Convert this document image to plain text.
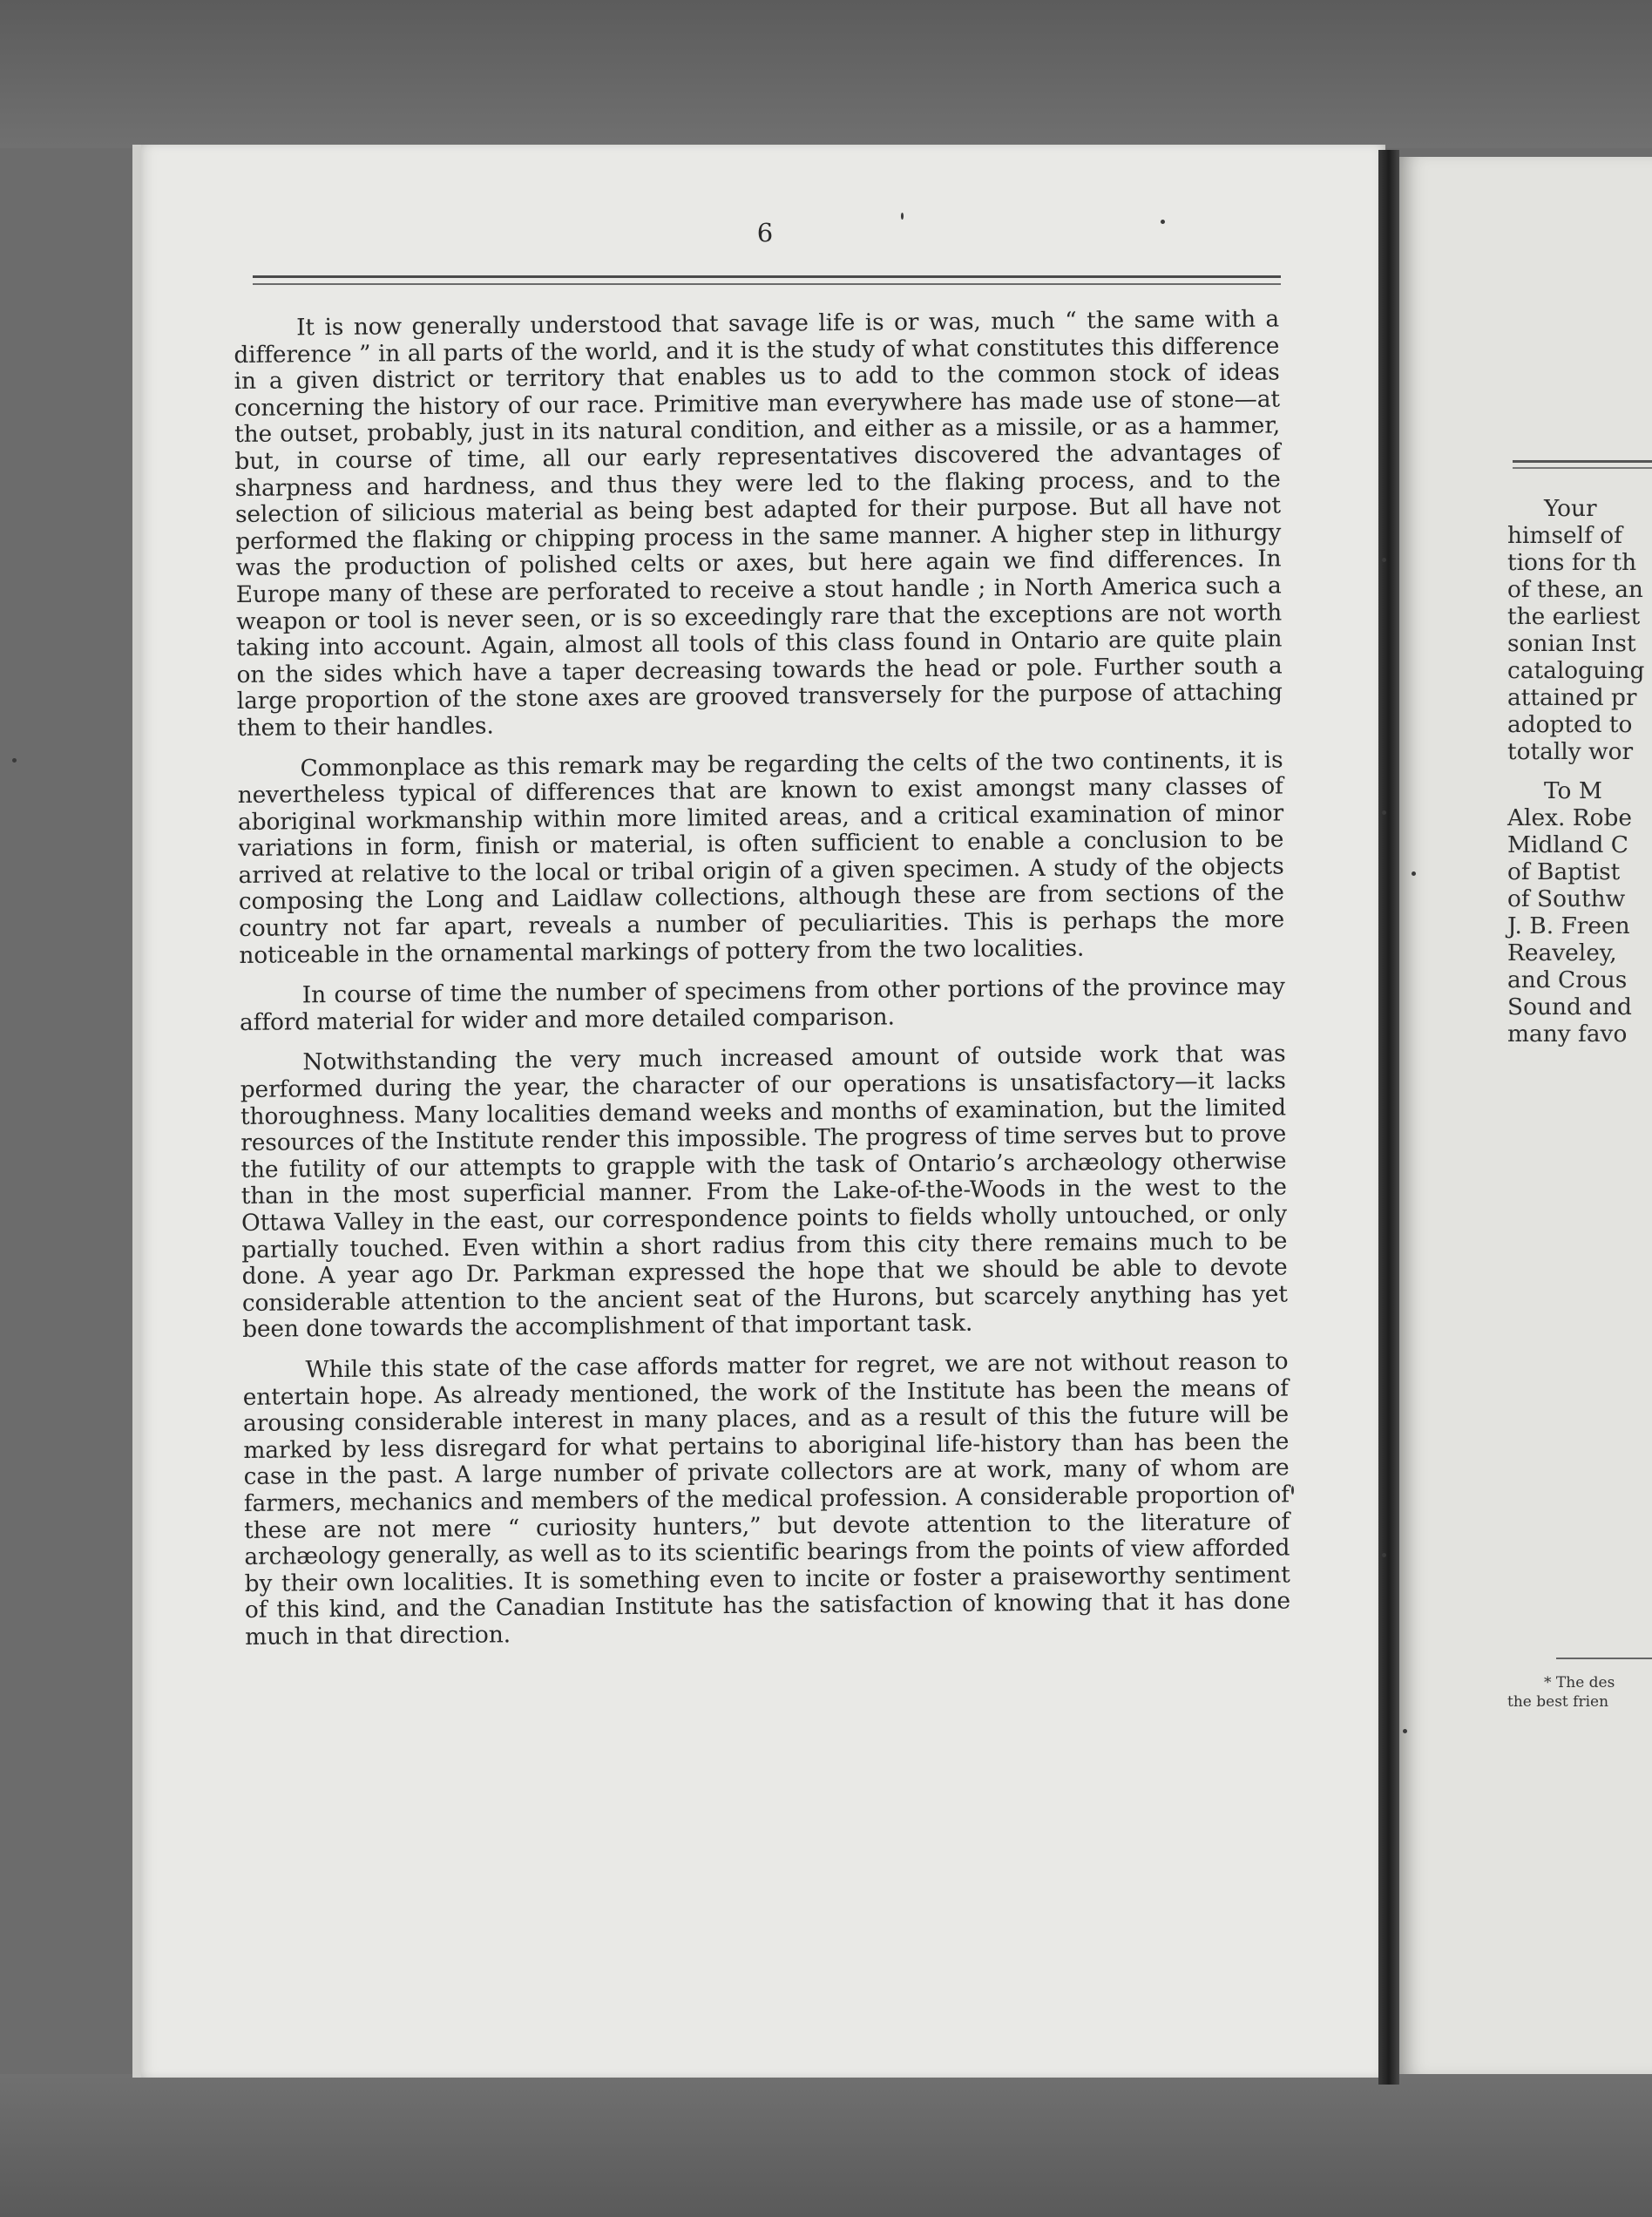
6

It is now generally understood that savage life is or was, much “ the same with a difference ” in all parts of the world, and it is the study of what constitutes this difference in a given district or territory that enables us to add to the common stock of ideas concerning the history of our race. Primitive man everywhere has made use of stone—at the outset, probably, just in its natural condition, and either as a missile, or as a hammer, but, in course of time, all our early representatives discovered the advantages of sharpness and hardness, and thus they were led to the flaking process, and to the selection of silicious material as being best adapted for their purpose. But all have not performed the flaking or chipping process in the same manner. A higher step in lithurgy was the production of polished celts or axes, but here again we find differences. In Europe many of these are perforated to receive a stout handle ; in North America such a weapon or tool is never seen, or is so exceedingly rare that the exceptions are not worth taking into account. Again, almost all tools of this class found in Ontario are quite plain on the sides which have a taper decreasing towards the head or pole. Further south a large proportion of the stone axes are grooved transversely for the purpose of attaching them to their handles.

Commonplace as this remark may be regarding the celts of the two continents, it is nevertheless typical of differences that are known to exist amongst many classes of aboriginal workmanship within more limited areas, and a critical examination of minor variations in form, finish or material, is often sufficient to enable a conclusion to be arrived at relative to the local or tribal origin of a given specimen. A study of the objects composing the Long and Laidlaw collections, although these are from sections of the country not far apart, reveals a number of peculiarities. This is perhaps the more noticeable in the ornamental markings of pottery from the two localities.

In course of time the number of specimens from other portions of the province may afford material for wider and more detailed comparison.

Notwithstanding the very much increased amount of outside work that was performed during the year, the character of our operations is unsatisfactory—it lacks thoroughness. Many localities demand weeks and months of examination, but the limited resources of the Institute render this impossible. The progress of time serves but to prove the futility of our attempts to grapple with the task of Ontario’s archæology otherwise than in the most superficial manner. From the Lake-of-the-Woods in the west to the Ottawa Valley in the east, our correspondence points to fields wholly untouched, or only partially touched. Even within a short radius from this city there remains much to be done. A year ago Dr. Parkman expressed the hope that we should be able to devote considerable attention to the ancient seat of the Hurons, but scarcely anything has yet been done towards the accomplishment of that important task.

While this state of the case affords matter for regret, we are not without reason to entertain hope. As already mentioned, the work of the Institute has been the means of arousing considerable interest in many places, and as a result of this the future will be marked by less disregard for what pertains to aboriginal life-history than has been the case in the past. A large number of private collectors are at work, many of whom are farmers, mechanics and members of the medical profession. A considerable proportion of these are not mere “ curiosity hunters,” but devote attention to the literature of archæology generally, as well as to its scientific bearings from the points of view afforded by their own localities. It is something even to incite or foster a praiseworthy sentiment of this kind, and the Canadian Institute has the satisfaction of knowing that it has done much in that direction.

Your
himself of
tions for th
of these, an
the earliest
sonian Inst
cataloguing
attained pr
adopted to
totally wor
To M
Alex. Robe
Midland C
of Baptist
of Southw
J. B. Freen
Reaveley,
and Crous
Sound and
many favo
* The des
the best frien
